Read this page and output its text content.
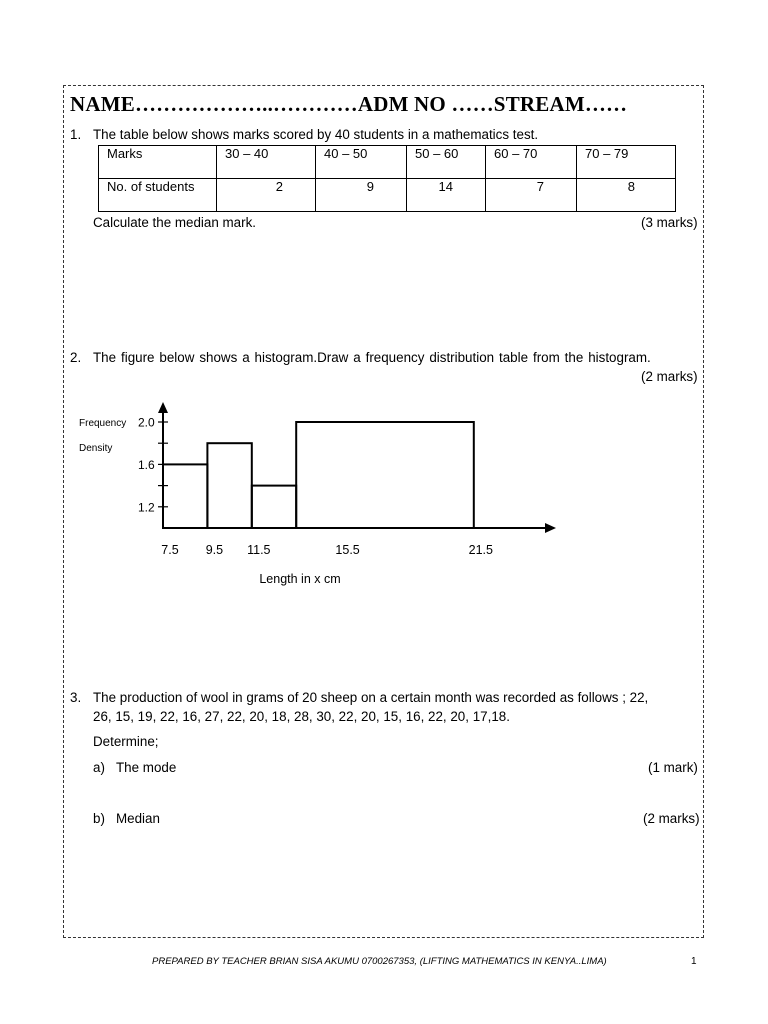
NAME………………..…………ADM NO ……STREAM……
1. The table below shows marks scored by 40 students in a mathematics test.
Marks	30 – 40	40 – 50	50 – 60	60 – 70	70 – 79
No. of students	2	9	14	7	8
Calculate the median mark.	(3 marks)
2. The figure below shows a histogram.Draw a frequency distribution table from the histogram.
(2 marks)
2.0
1.6
1.2
Frequency
Density
7.5 9.5 11.5	15.5	21.5
Length in x cm
3. The production of wool in grams of 20 sheep on a certain month was recorded as follows ; 22,
26, 15, 19, 22, 16, 27, 22, 20, 18, 28, 30, 22, 20, 15, 16, 22, 20, 17,18.
Determine;
a) The mode	(1 mark)
b) Median	(2 marks)
PREPARED BY TEACHER BRIAN SISA AKUMU 0700267353, (LIFTING MATHEMATICS IN KENYA..LIMA)	1
